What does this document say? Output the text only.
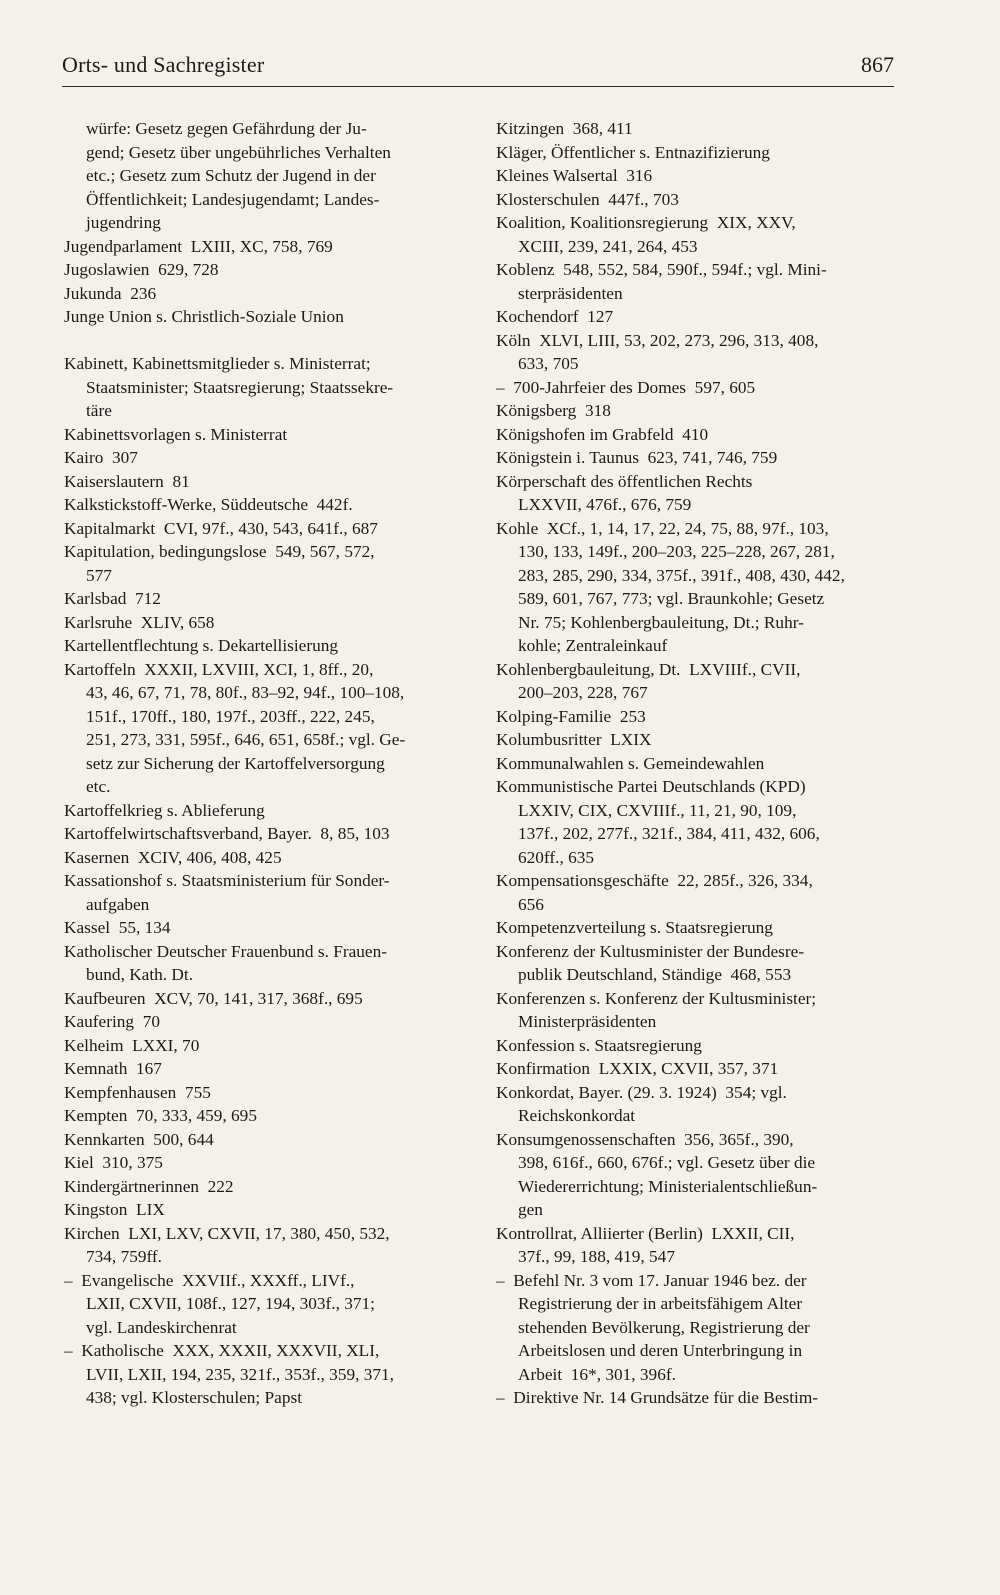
Orts- und Sachregister	867

würfe: Gesetz gegen Gefährdung der Ju-
gend; Gesetz über ungebührliches Verhalten
etc.; Gesetz zum Schutz der Jugend in der
Öffentlichkeit; Landesjugendamt; Landes-
jugendring

Jugendparlament  LXIII, XC, 758, 769

Jugoslawien  629, 728

Jukunda  236

Junge Union s. Christlich-Soziale Union

Kabinett, Kabinettsmitglieder s. Ministerrat;
Staatsminister; Staatsregierung; Staatssekre-
täre

Kabinettsvorlagen s. Ministerrat

Kairo  307

Kaiserslautern  81

Kalkstickstoff-Werke, Süddeutsche  442f.

Kapitalmarkt  CVI, 97f., 430, 543, 641f., 687

Kapitulation, bedingungslose  549, 567, 572,
577

Karlsbad  712

Karlsruhe  XLIV, 658

Kartellentflechtung s. Dekartellisierung

Kartoffeln  XXXII, LXVIII, XCI, 1, 8ff., 20,
43, 46, 67, 71, 78, 80f., 83–92, 94f., 100–108,
151f., 170ff., 180, 197f., 203ff., 222, 245,
251, 273, 331, 595f., 646, 651, 658f.; vgl. Ge-
setz zur Sicherung der Kartoffelversorgung
etc.

Kartoffelkrieg s. Ablieferung

Kartoffelwirtschaftsverband, Bayer.  8, 85, 103

Kasernen  XCIV, 406, 408, 425

Kassationshof s. Staatsministerium für Sonder-
aufgaben

Kassel  55, 134

Katholischer Deutscher Frauenbund s. Frauen-
bund, Kath. Dt.

Kaufbeuren  XCV, 70, 141, 317, 368f., 695

Kaufering  70

Kelheim  LXXI, 70

Kemnath  167

Kempfenhausen  755

Kempten  70, 333, 459, 695

Kennkarten  500, 644

Kiel  310, 375

Kindergärtnerinnen  222

Kingston  LIX

Kirchen  LXI, LXV, CXVII, 17, 380, 450, 532,
734, 759ff.

–  Evangelische  XXVIIf., XXXff., LIVf.,
LXII, CXVII, 108f., 127, 194, 303f., 371;
vgl. Landeskirchenrat

–  Katholische  XXX, XXXII, XXXVII, XLI,
LVII, LXII, 194, 235, 321f., 353f., 359, 371,
438; vgl. Klosterschulen; Papst

Kitzingen  368, 411

Kläger, Öffentlicher s. Entnazifizierung

Kleines Walsertal  316

Klosterschulen  447f., 703

Koalition, Koalitionsregierung  XIX, XXV,
XCIII, 239, 241, 264, 453

Koblenz  548, 552, 584, 590f., 594f.; vgl. Mini-
sterpräsidenten

Kochendorf  127

Köln  XLVI, LIII, 53, 202, 273, 296, 313, 408,
633, 705

–  700-Jahrfeier des Domes  597, 605

Königsberg  318

Königshofen im Grabfeld  410

Königstein i. Taunus  623, 741, 746, 759

Körperschaft des öffentlichen Rechts
LXXVII, 476f., 676, 759

Kohle  XCf., 1, 14, 17, 22, 24, 75, 88, 97f., 103,
130, 133, 149f., 200–203, 225–228, 267, 281,
283, 285, 290, 334, 375f., 391f., 408, 430, 442,
589, 601, 767, 773; vgl. Braunkohle; Gesetz
Nr. 75; Kohlenbergbauleitung, Dt.; Ruhr-
kohle; Zentraleinkauf

Kohlenbergbauleitung, Dt.  LXVIIIf., CVII,
200–203, 228, 767

Kolping-Familie  253

Kolumbusritter  LXIX

Kommunalwahlen s. Gemeindewahlen

Kommunistische Partei Deutschlands (KPD)
LXXIV, CIX, CXVIIIf., 11, 21, 90, 109,
137f., 202, 277f., 321f., 384, 411, 432, 606,
620ff., 635

Kompensationsgeschäfte  22, 285f., 326, 334,
656

Kompetenzverteilung s. Staatsregierung

Konferenz der Kultusminister der Bundesre-
publik Deutschland, Ständige  468, 553

Konferenzen s. Konferenz der Kultusminister;
Ministerpräsidenten

Konfession s. Staatsregierung

Konfirmation  LXXIX, CXVII, 357, 371

Konkordat, Bayer. (29. 3. 1924)  354; vgl.
Reichskonkordat

Konsumgenossenschaften  356, 365f., 390,
398, 616f., 660, 676f.; vgl. Gesetz über die
Wiedererrichtung; Ministerialentschließun-
gen

Kontrollrat, Alliierter (Berlin)  LXXII, CII,
37f., 99, 188, 419, 547

–  Befehl Nr. 3 vom 17. Januar 1946 bez. der
Registrierung der in arbeitsfähigem Alter
stehenden Bevölkerung, Registrierung der
Arbeitslosen und deren Unterbringung in
Arbeit  16*, 301, 396f.

–  Direktive Nr. 14 Grundsätze für die Bestim-
